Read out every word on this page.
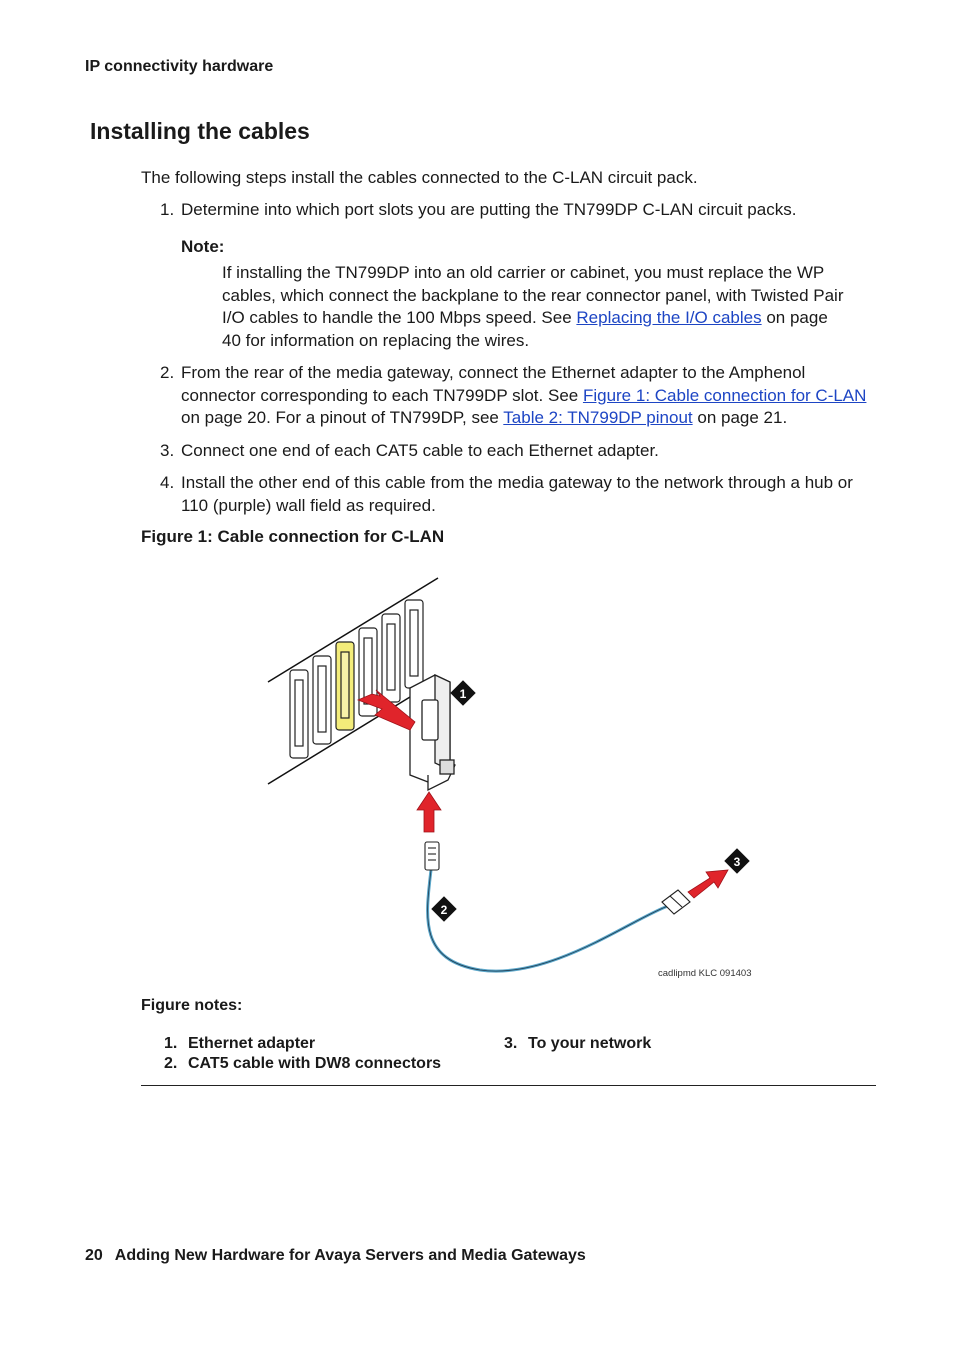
IP connectivity hardware
Installing the cables
The following steps install the cables connected to the C-LAN circuit pack.
1. Determine into which port slots you are putting the TN799DP C-LAN circuit packs.
Note:
If installing the TN799DP into an old carrier or cabinet, you must replace the WP cables, which connect the backplane to the rear connector panel, with Twisted Pair I/O cables to handle the 100 Mbps speed. See Replacing the I/O cables on page 40 for information on replacing the wires.
2. From the rear of the media gateway, connect the Ethernet adapter to the Amphenol connector corresponding to each TN799DP slot. See Figure 1: Cable connection for C-LAN on page 20. For a pinout of TN799DP, see Table 2: TN799DP pinout on page 21.
3. Connect one end of each CAT5 cable to each Ethernet adapter.
4. Install the other end of this cable from the media gateway to the network through a hub or 110 (purple) wall field as required.
Figure 1: Cable connection for C-LAN
1
2
3
cadlipmd KLC 091403
Figure notes:
1. Ethernet adapter
2. CAT5 cable with DW8 connectors
3. To your network
20 Adding New Hardware for Avaya Servers and Media Gateways
